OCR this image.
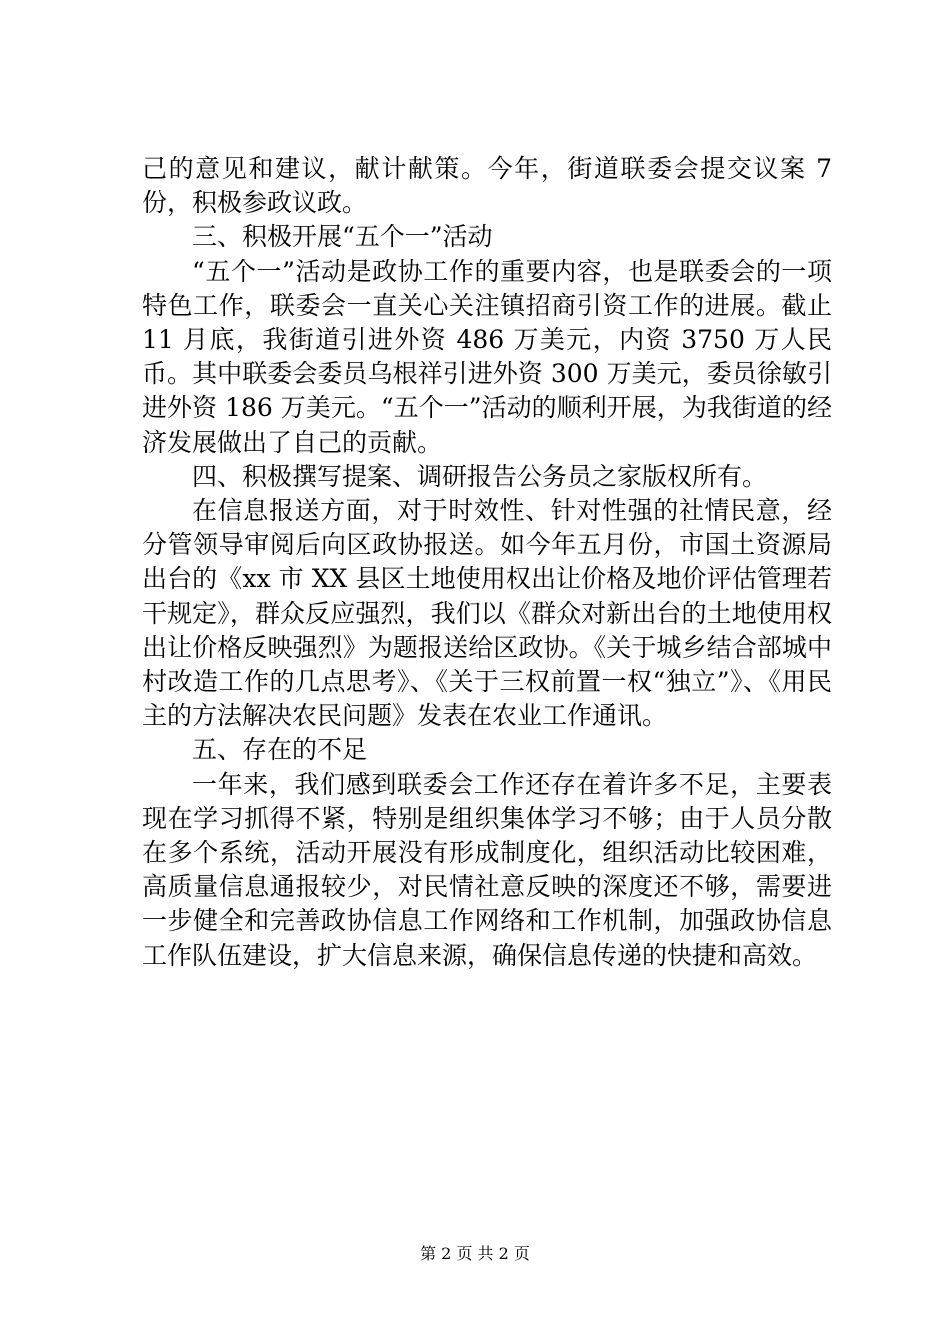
己的意见和建议，献计献策。今年，街道联委会提交议案 7 份，积极参政议政。

三、积极开展“五个一”活动

“五个一”活动是政协工作的重要内容，也是联委会的一项特色工作，联委会一直关心关注镇招商引资工作的进展。截止 11 月底，我街道引进外资 486 万美元，内资 3750 万人民币。其中联委会委员乌根祥引进外资 300 万美元，委员徐敏引进外资 186 万美元。“五个一”活动的顺利开展，为我街道的经济发展做出了自己的贡献。

四、积极撰写提案、调研报告公务员之家版权所有。

在信息报送方面，对于时效性、针对性强的社情民意，经分管领导审阅后向区政协报送。如今年五月份，市国土资源局出台的《xx 市 XX 县区土地使用权出让价格及地价评估管理若干规定》，群众反应强烈，我们以《群众对新出台的土地使用权出让价格反映强烈》为题报送给区政协。《关于城乡结合部城中村改造工作的几点思考》、《关于三权前置一权“独立”》、《用民主的方法解决农民问题》发表在农业工作通讯。

五、存在的不足

一年来，我们感到联委会工作还存在着许多不足，主要表现在学习抓得不紧，特别是组织集体学习不够；由于人员分散在多个系统，活动开展没有形成制度化，组织活动比较困难，高质量信息通报较少，对民情社意反映的深度还不够，需要进一步健全和完善政协信息工作网络和工作机制，加强政协信息工作队伍建设，扩大信息来源，确保信息传递的快捷和高效。

第 2 页 共 2 页
